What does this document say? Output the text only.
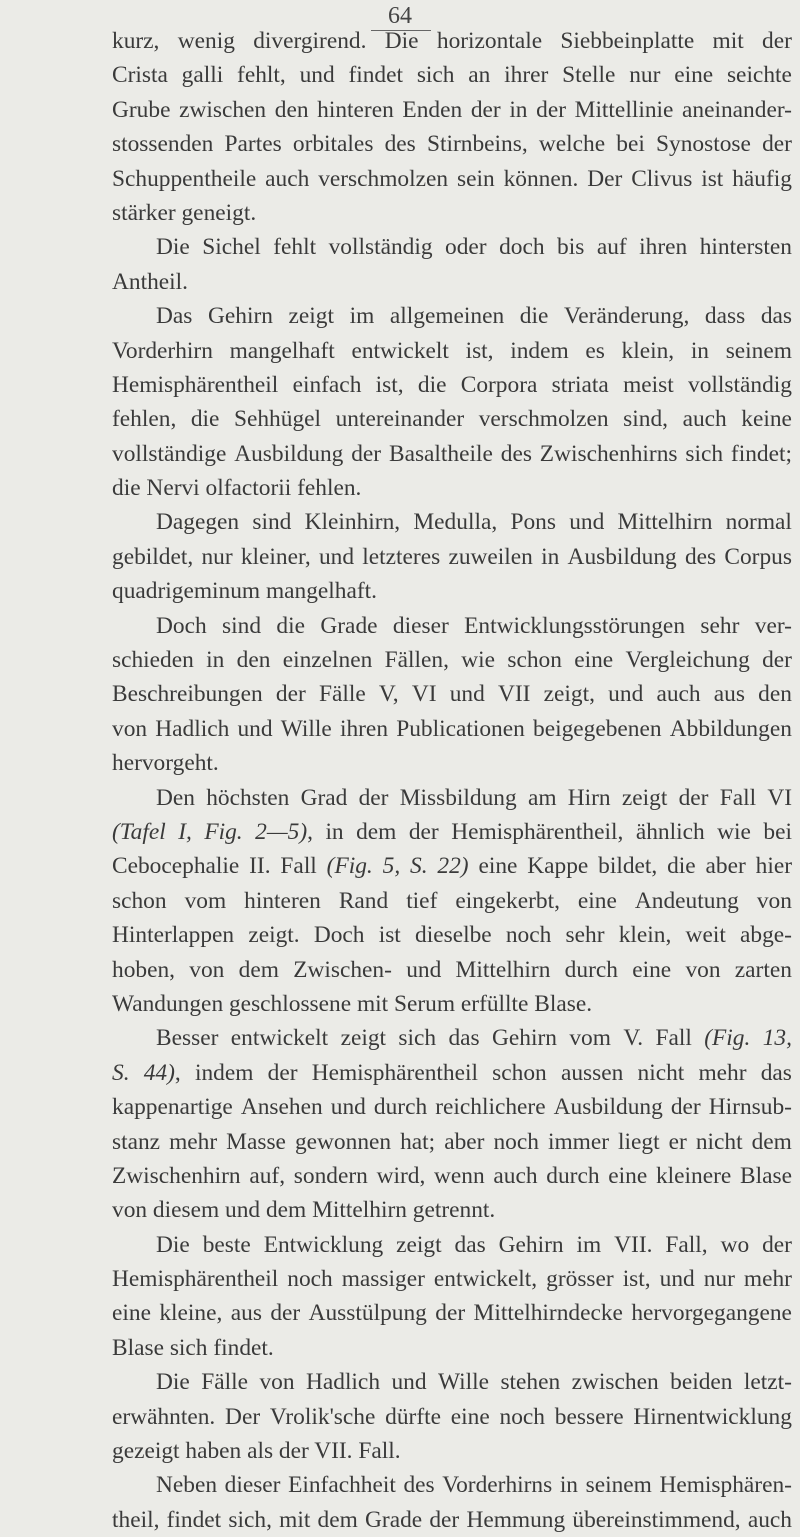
64
kurz, wenig divergirend. Die horizontale Siebbeinplatte mit der
Crista galli fehlt, und findet sich an ihrer Stelle nur eine seichte
Grube zwischen den hinteren Enden der in der Mittellinie aneinander-
stossenden Partes orbitales des Stirnbeins, welche bei Synostose der
Schuppentheile auch verschmolzen sein können. Der Clivus ist häufig
stärker geneigt.
Die Sichel fehlt vollständig oder doch bis auf ihren hintersten
Antheil.
Das Gehirn zeigt im allgemeinen die Veränderung, dass das
Vorderhirn mangelhaft entwickelt ist, indem es klein, in seinem
Hemisphärentheil einfach ist, die Corpora striata meist vollständig
fehlen, die Sehhügel untereinander verschmolzen sind, auch keine
vollständige Ausbildung der Basaltheile des Zwischenhirns sich findet;
die Nervi olfactorii fehlen.
Dagegen sind Kleinhirn, Medulla, Pons und Mittelhirn normal
gebildet, nur kleiner, und letzteres zuweilen in Ausbildung des Corpus
quadrigeminum mangelhaft.
Doch sind die Grade dieser Entwicklungsstörungen sehr ver-
schieden in den einzelnen Fällen, wie schon eine Vergleichung der
Beschreibungen der Fälle V, VI und VII zeigt, und auch aus den
von Hadlich und Wille ihren Publicationen beigegebenen Abbildungen
hervorgeht.
Den höchsten Grad der Missbildung am Hirn zeigt der Fall VI
(Tafel I, Fig. 2—5), in dem der Hemisphärentheil, ähnlich wie bei
Cebocephalie II. Fall (Fig. 5, S. 22) eine Kappe bildet, die aber hier
schon vom hinteren Rand tief eingekerbt, eine Andeutung von
Hinterlappen zeigt. Doch ist dieselbe noch sehr klein, weit abge-
hoben, von dem Zwischen- und Mittelhirn durch eine von zarten
Wandungen geschlossene mit Serum erfüllte Blase.
Besser entwickelt zeigt sich das Gehirn vom V. Fall (Fig. 13,
S. 44), indem der Hemisphärentheil schon aussen nicht mehr das
kappenartige Ansehen und durch reichlichere Ausbildung der Hirnsub-
stanz mehr Masse gewonnen hat; aber noch immer liegt er nicht dem
Zwischenhirn auf, sondern wird, wenn auch durch eine kleinere Blase
von diesem und dem Mittelhirn getrennt.
Die beste Entwicklung zeigt das Gehirn im VII. Fall, wo der
Hemisphärentheil noch massiger entwickelt, grösser ist, und nur mehr
eine kleine, aus der Ausstülpung der Mittelhirndecke hervorgegangene
Blase sich findet.
Die Fälle von Hadlich und Wille stehen zwischen beiden letzt-
erwähnten. Der Vrolik'sche dürfte eine noch bessere Hirnentwicklung
gezeigt haben als der VII. Fall.
Neben dieser Einfachheit des Vorderhirns in seinem Hemisphären-
theil, findet sich, mit dem Grade der Hemmung übereinstimmend, auch
